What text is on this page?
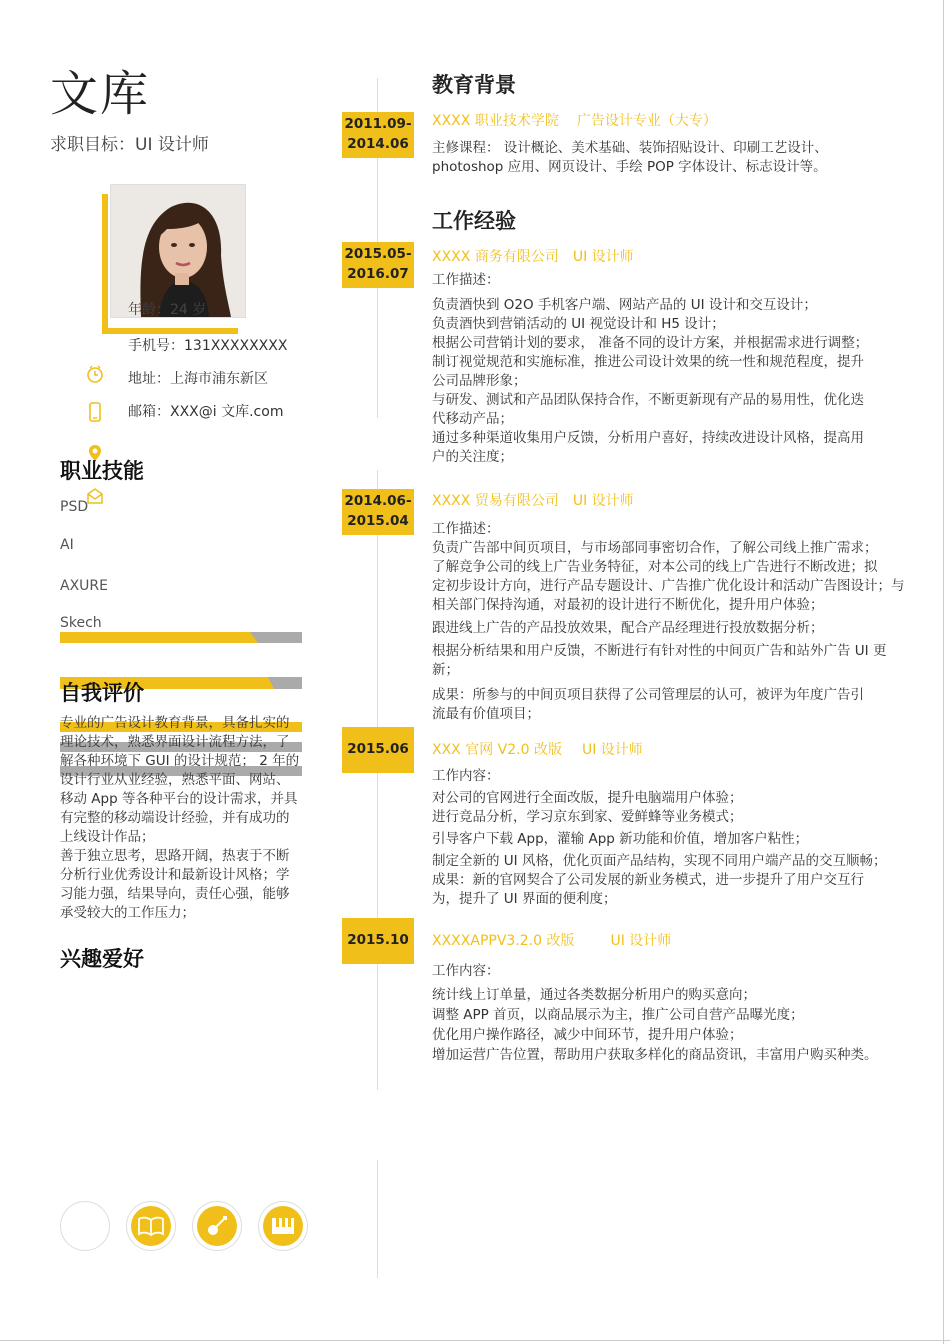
文库
求职目标：UI 设计师
年龄：24 岁
手机号：131XXXXXXXX
地址：上海市浦东新区
邮箱：XXX@i 文库.com
职业技能
PSD
AI
AXURE
Skech
自我评价
专业的广告设计教育背景，具备扎实的
理论技术，熟悉界面设计流程方法，了
解各种环境下 GUI 的设计规范； 2 年的
设计行业从业经验，熟悉平面、网站、
移动 App 等各种平台的设计需求，并具
有完整的移动端设计经验，并有成功的
上线设计作品；
善于独立思考，思路开阔，热衷于不断
分析行业优秀设计和最新设计风格；学
习能力强，结果导向，责任心强，能够
承受较大的工作压力；
兴趣爱好
教育背景
2011.09-
2014.06
XXXX 职业技术学院 广告设计专业（大专）
主修课程： 设计概论、美术基础、装饰招贴设计、印刷工艺设计、
photoshop 应用、网页设计、手绘 POP 字体设计、标志设计等。
工作经验
2015.05-
2016.07
XXXX 商务有限公司 UI 设计师
工作描述：
负责酒快到 O2O 手机客户端、网站产品的 UI 设计和交互设计；
负责酒快到营销活动的 UI 视觉设计和 H5 设计；
根据公司营销计划的要求， 准备不同的设计方案，并根据需求进行调整；
制订视觉规范和实施标准，推进公司设计效果的统一性和规范程度，提升
公司品牌形象；
与研发、测试和产品团队保持合作，不断更新现有产品的易用性，优化迭
代移动产品；
通过多种渠道收集用户反馈，分析用户喜好，持续改进设计风格，提高用
户的关注度；
2014.06-
2015.04
XXXX 贸易有限公司 UI 设计师
工作描述：
负责广告部中间页项目，与市场部同事密切合作，了解公司线上推广需求；
了解竞争公司的线上广告业务特征，对本公司的线上广告进行不断改进；拟
定初步设计方向，进行产品专题设计、广告推广优化设计和活动广告图设计；与
相关部门保持沟通，对最初的设计进行不断优化，提升用户体验；
跟进线上广告的产品投放效果，配合产品经理进行投放数据分析；
根据分析结果和用户反馈，不断进行有针对性的中间页广告和站外广告 UI 更新；
成果：所参与的中间页项目获得了公司管理层的认可，被评为年度广告引
流最有价值项目；
2015.06	XXX 官网 V2.0 改版 UI 设计师
工作内容：
对公司的官网进行全面改版，提升电脑端用户体验；
进行竞品分析，学习京东到家、爱鲜蜂等业务模式；
引导客户下载 App，灌输 App 新功能和价值，增加客户粘性；
制定全新的 UI 风格，优化页面产品结构，实现不同用户端产品的交互顺畅；
成果：新的官网契合了公司发展的新业务模式，进一步提升了用户交互行
为，提升了 UI 界面的便利度；
2015.10	XXXXAPPV3.2.0 改版	UI 设计师
工作内容：
统计线上订单量，通过各类数据分析用户的购买意向；
调整 APP 首页，以商品展示为主，推广公司自营产品曝光度；
优化用户操作路径，减少中间环节，提升用户体验；
增加运营广告位置，帮助用户获取多样化的商品资讯，丰富用户购买种类。
